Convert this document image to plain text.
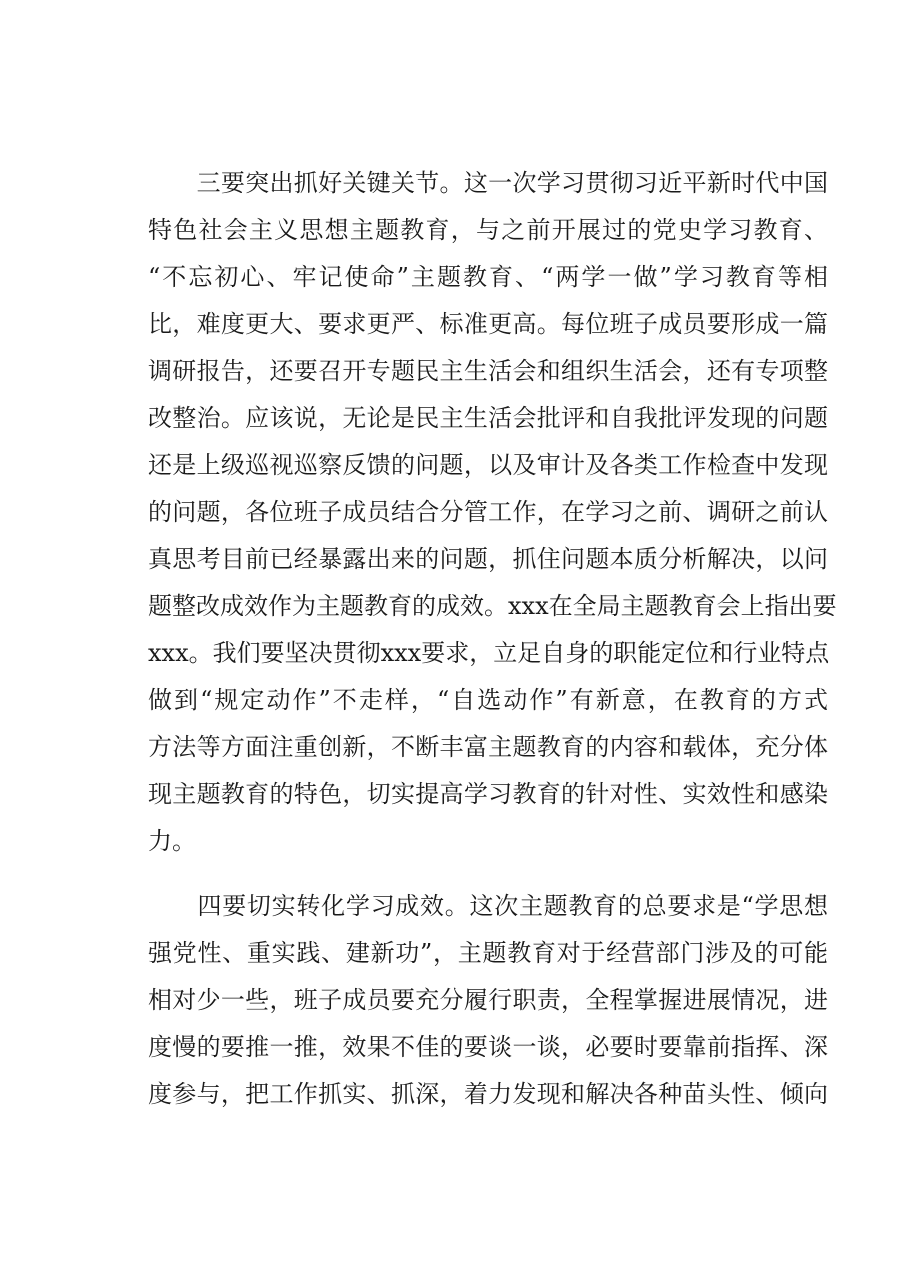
　　三要突出抓好关键关节。这一次学习贯彻习近平新时代中国
特色社会主义思想主题教育，与之前开展过的党史学习教育、
“不忘初心、牢记使命”主题教育、“两学一做”学习教育等相
比，难度更大、要求更严、标准更高。每位班子成员要形成一篇
调研报告，还要召开专题民主生活会和组织生活会，还有专项整
改整治。应该说，无论是民主生活会批评和自我批评发现的问题
还是上级巡视巡察反馈的问题，以及审计及各类工作检查中发现
的问题，各位班子成员结合分管工作，在学习之前、调研之前认
真思考目前已经暴露出来的问题，抓住问题本质分析解决，以问
题整改成效作为主题教育的成效。xxx在全局主题教育会上指出要
xxx。我们要坚决贯彻xxx要求，立足自身的职能定位和行业特点
做到“规定动作”不走样，“自选动作”有新意，在教育的方式
方法等方面注重创新，不断丰富主题教育的内容和载体，充分体
现主题教育的特色，切实提高学习教育的针对性、实效性和感染
力。
　　四要切实转化学习成效。这次主题教育的总要求是“学思想
强党性、重实践、建新功”，主题教育对于经营部门涉及的可能
相对少一些，班子成员要充分履行职责，全程掌握进展情况，进
度慢的要推一推，效果不佳的要谈一谈，必要时要靠前指挥、深
度参与，把工作抓实、抓深，着力发现和解决各种苗头性、倾向
